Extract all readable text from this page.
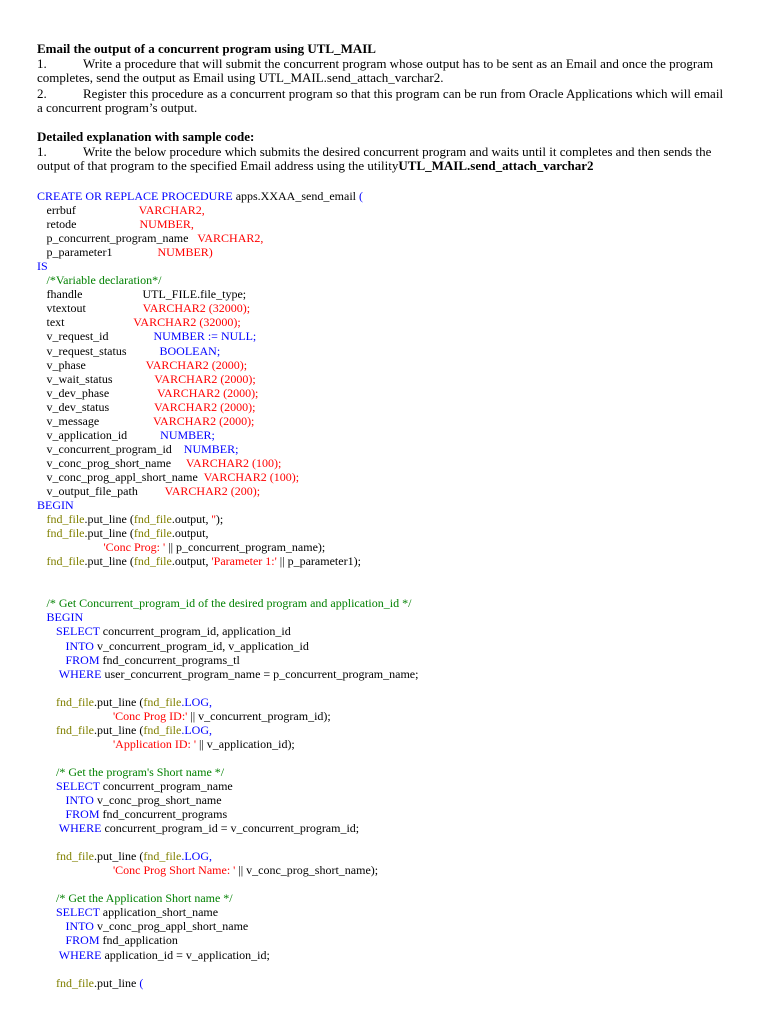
Email the output of a concurrent program using UTL_MAIL

1.	Write a procedure that will submit the concurrent program whose output has to be sent as an Email and once the program completes, send the output as Email using UTL_MAIL.send_attach_varchar2.

2.	Register this procedure as a concurrent program so that this program can be run from Oracle Applications which will email a concurrent program’s output.

Detailed explanation with sample code:

1.	Write the below procedure which submits the desired concurrent program and waits until it completes and then sends the output of that program to the specified Email address using the utilityUTL_MAIL.send_attach_varchar2

CREATE OR REPLACE PROCEDURE apps.XXAA_send_email (
errbuf                     VARCHAR2,
retode                     NUMBER,
p_concurrent_program_name   VARCHAR2,
p_parameter1               NUMBER)
IS
/*Variable declaration*/
fhandle                    UTL_FILE.file_type;
vtextout                   VARCHAR2 (32000);
text                       VARCHAR2 (32000);
v_request_id               NUMBER := NULL;
v_request_status           BOOLEAN;
v_phase                    VARCHAR2 (2000);
v_wait_status              VARCHAR2 (2000);
v_dev_phase                VARCHAR2 (2000);
v_dev_status               VARCHAR2 (2000);
v_message                  VARCHAR2 (2000);
v_application_id           NUMBER;
v_concurrent_program_id    NUMBER;
v_conc_prog_short_name     VARCHAR2 (100);
v_conc_prog_appl_short_name  VARCHAR2 (100);
v_output_file_path         VARCHAR2 (200);
BEGIN
fnd_file.put_line (fnd_file.output, '');
fnd_file.put_line (fnd_file.output,
'Conc Prog: ' || p_concurrent_program_name);
fnd_file.put_line (fnd_file.output, 'Parameter 1:' || p_parameter1);
/* Get Concurrent_program_id of the desired program and application_id */
BEGIN
SELECT concurrent_program_id, application_id
INTO v_concurrent_program_id, v_application_id
FROM fnd_concurrent_programs_tl
WHERE user_concurrent_program_name = p_concurrent_program_name;
fnd_file.put_line (fnd_file.LOG,
'Conc Prog ID:' || v_concurrent_program_id);
fnd_file.put_line (fnd_file.LOG,
'Application ID: ' || v_application_id);
/* Get the program's Short name */
SELECT concurrent_program_name
INTO v_conc_prog_short_name
FROM fnd_concurrent_programs
WHERE concurrent_program_id = v_concurrent_program_id;
fnd_file.put_line (fnd_file.LOG,
'Conc Prog Short Name: ' || v_conc_prog_short_name);
/* Get the Application Short name */
SELECT application_short_name
INTO v_conc_prog_appl_short_name
FROM fnd_application
WHERE application_id = v_application_id;
fnd_file.put_line (
